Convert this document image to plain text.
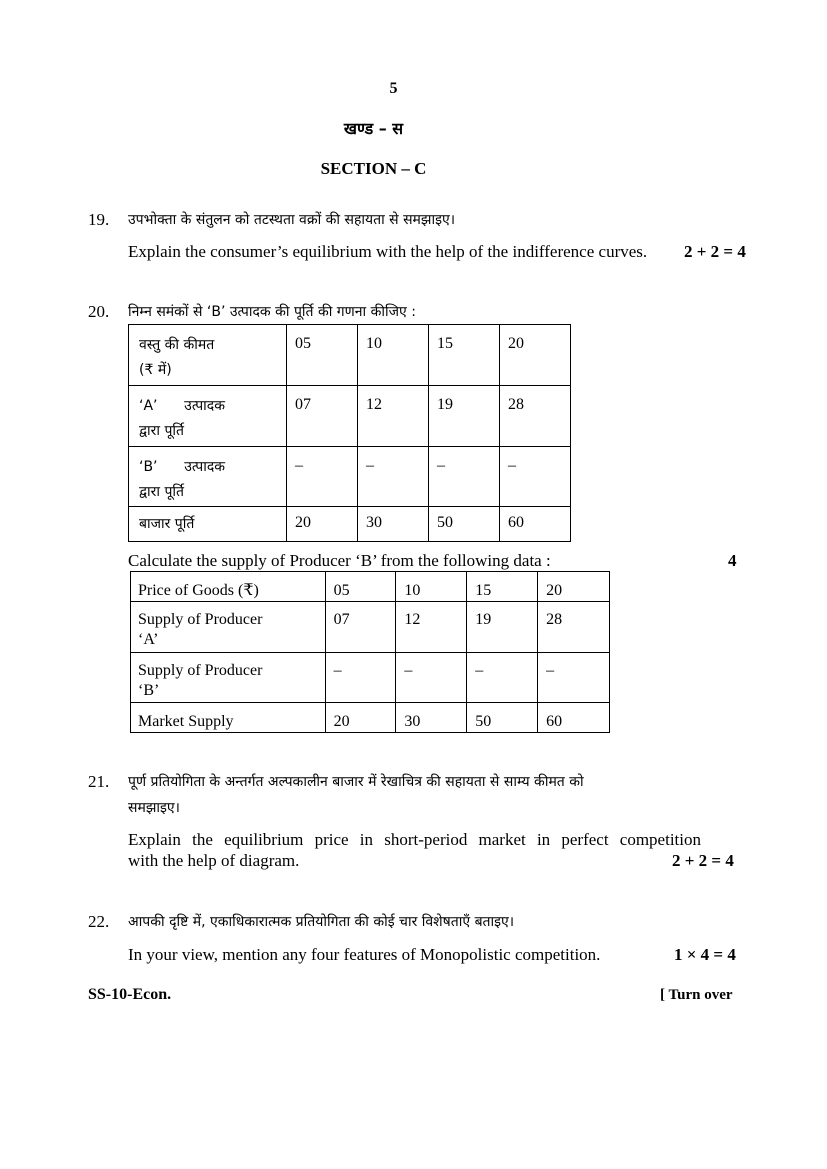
5
खण्ड – स
SECTION – C
19. उपभोक्ता के संतुलन को तटस्थता वक्रों की सहायता से समझाइए।
Explain the consumer’s equilibrium with the help of the indifference curves. 2 + 2 = 4
20. निम्न समंकों से ‘B’ उत्पादक की पूर्ति की गणना कीजिए :
वस्तु की कीमत
(₹ में)	05	10	15	20

‘A’      उत्पादक
द्वारा पूर्ति	07	12	19	28

‘B’      उत्पादक
द्वारा पूर्ति	–	–	–	–

बाजार पूर्ति	20	30	50	60
Calculate the supply of Producer ‘B’ from the following data :	4
Price of Goods (₹)	05	10	15	20

Supply of Producer
‘A’	07	12	19	28

Supply of Producer
‘B’	–	–	–	–

Market Supply	20	30	50	60
21. पूर्ण प्रतियोगिता के अन्तर्गत अल्पकालीन बाजार में रेखाचित्र की सहायता से साम्य कीमत को
समझाइए।
Explain the equilibrium price in short-period market in perfect competition
with the help of diagram.	2 + 2 = 4
22. आपकी दृष्टि में, एकाधिकारात्मक प्रतियोगिता की कोई चार विशेषताएँ बताइए।
In your view, mention any four features of Monopolistic competition.	1 × 4 = 4
SS-10-Econ.	[ Turn over
